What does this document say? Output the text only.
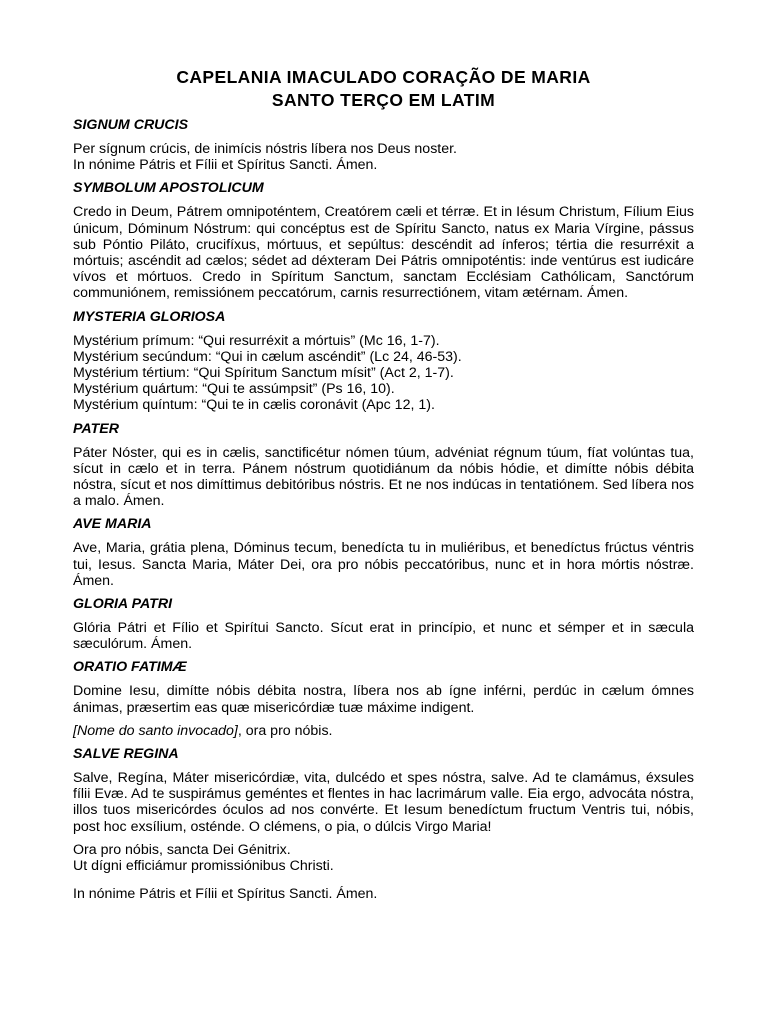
CAPELANIA IMACULADO CORAÇÃO DE MARIA

SANTO TERÇO EM LATIM

SIGNUM CRUCIS

Per sígnum crúcis, de inimícis nóstris líbera nos Deus noster.

In nónime Pátris et Fílii et Spíritus Sancti. Ámen.

SYMBOLUM APOSTOLICUM

Credo in Deum, Pátrem omnipoténtem, Creatórem cæli et térræ. Et in Iésum Christum, Fílium Eius únicum, Dóminum Nóstrum: qui concéptus est de Spíritu Sancto, natus ex Maria Vírgine, pássus sub Póntio Piláto, crucifíxus, mórtuus, et sepúltus: descéndit ad ínferos; tértia die resurréxit a mórtuis; ascéndit ad cælos; sédet ad déxteram Dei Pátris omnipoténtis: inde ventúrus est iudicáre vívos et mórtuos. Credo in Spíritum Sanctum, sanctam Ecclésiam Cathólicam, Sanctórum communiónem, remissiónem peccatórum, carnis resurrectiónem, vitam ætérnam. Ámen.

MYSTERIA GLORIOSA

Mystérium prímum: “Qui resurréxit a mórtuis” (Mc 16, 1-7).

Mystérium secúndum: “Qui in cælum ascéndit” (Lc 24, 46-53).

Mystérium tértium: “Qui Spíritum Sanctum mísit” (Act 2, 1-7).

Mystérium quártum: “Qui te assúmpsit” (Ps 16, 10).

Mystérium quíntum: “Qui te in cælis coronávit (Apc 12, 1).

PATER

Páter Nóster, qui es in cælis, sanctificétur nómen túum, advéniat régnum túum, fíat volúntas tua, sícut in cælo et in terra. Pánem nóstrum quotidiánum da nóbis hódie, et dimítte nóbis débita nóstra, sícut et nos dimíttimus debitóribus nóstris. Et ne nos indúcas in tentatiónem. Sed líbera nos a malo. Ámen.

AVE MARIA

Ave, Maria, grátia plena, Dóminus tecum, benedícta tu in muliéribus, et benedíctus frúctus véntris tui, Iesus. Sancta Maria, Máter Dei, ora pro nóbis peccatóribus, nunc et in hora mórtis nóstræ. Ámen.

GLORIA PATRI

Glória Pátri et Fílio et Spirítui Sancto. Sícut erat in princípio, et nunc et sémper et in sæcula sæculórum. Ámen.

ORATIO FATIMÆ

Domine Iesu, dimítte nóbis débita nostra, líbera nos ab ígne inférni, perdúc in cælum ómnes ánimas, præsertim eas quæ misericórdiæ tuæ máxime indigent.

[Nome do santo invocado], ora pro nóbis.

SALVE REGINA

Salve, Regína, Máter misericórdiæ, vita, dulcédo et spes nóstra, salve. Ad te clamámus, éxsules fílii Evæ. Ad te suspirámus geméntes et flentes in hac lacrimárum valle. Eia ergo, advocáta nóstra, illos tuos misericórdes óculos ad nos convérte. Et Iesum benedíctum fructum Ventris tui, nóbis, post hoc exsílium, osténde. O clémens, o pia, o dúlcis Virgo Maria!

Ora pro nóbis, sancta Dei Génitrix.

Ut dígni efficiámur promissiónibus Christi.

In nónime Pátris et Fílii et Spíritus Sancti. Ámen.
